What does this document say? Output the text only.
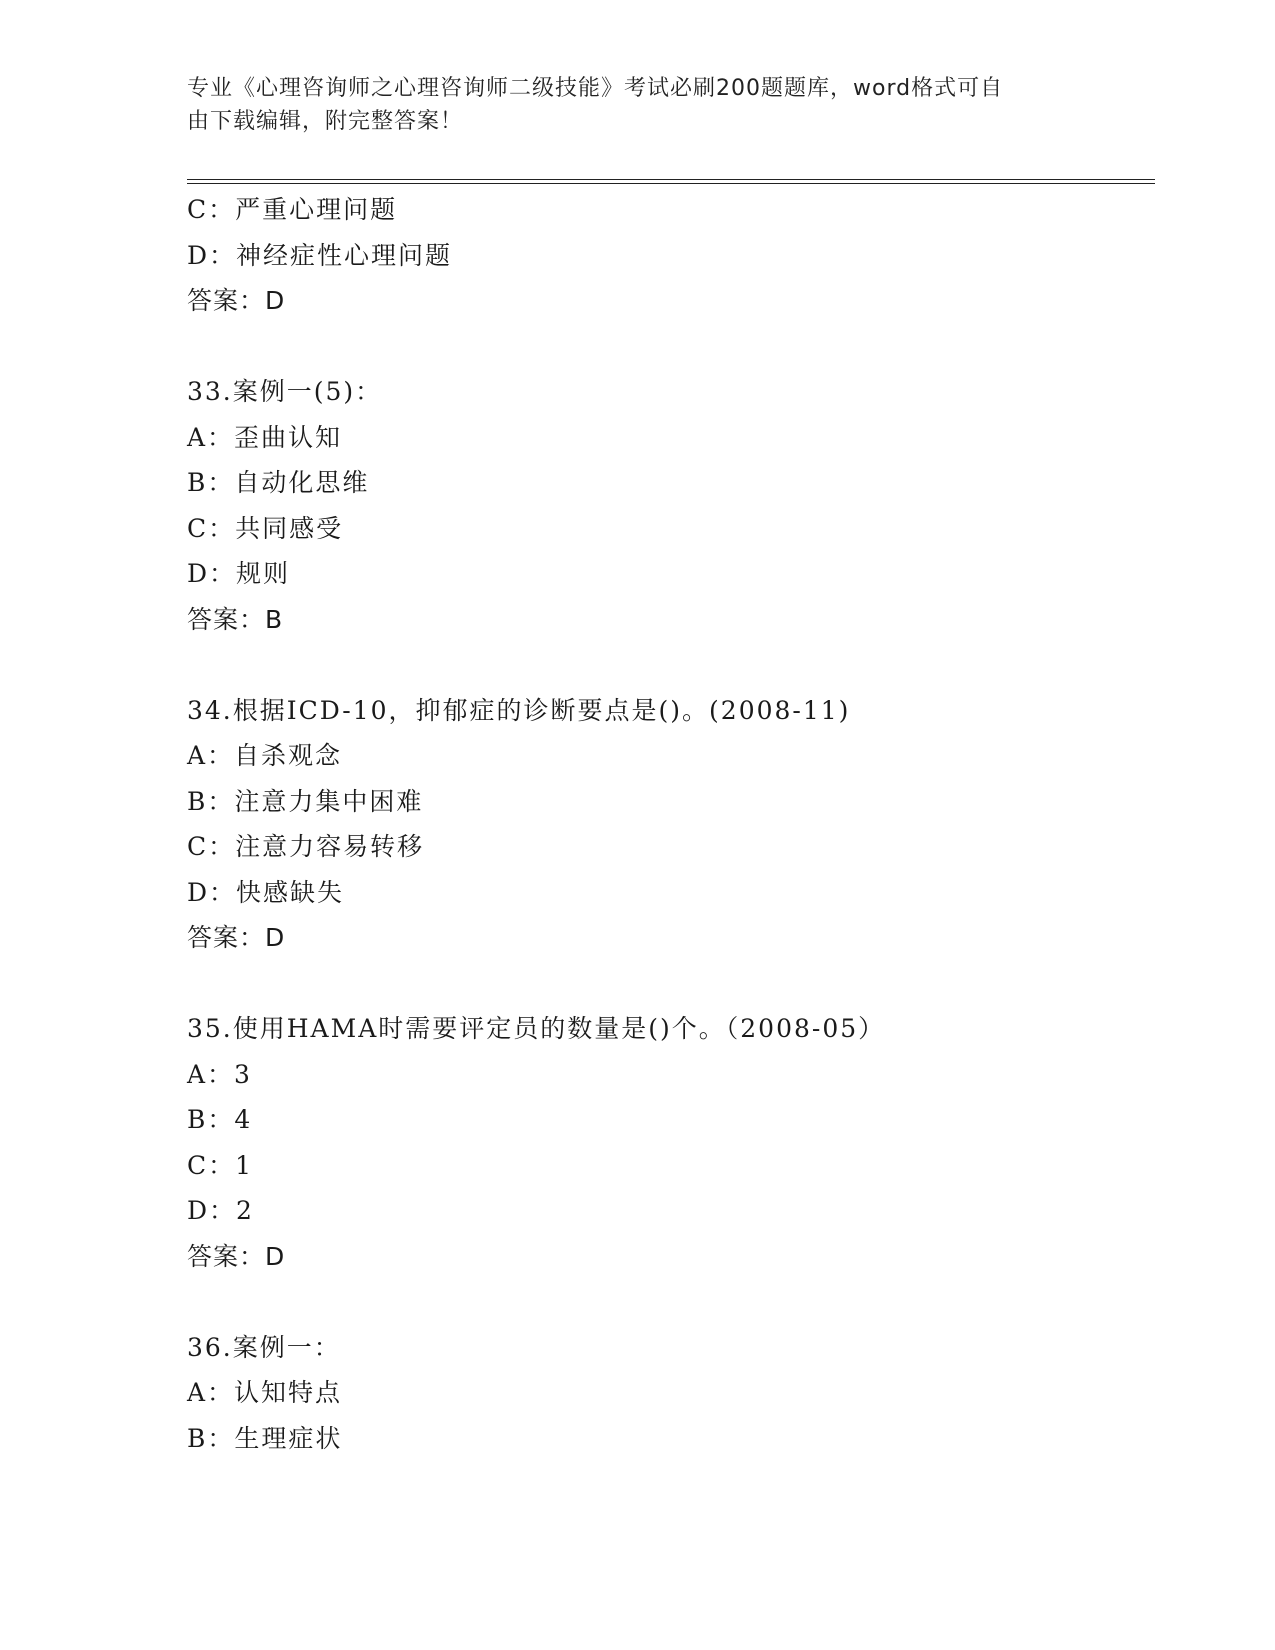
专业《心理咨询师之心理咨询师二级技能》考试必刷200题题库，word格式可自
由下载编辑，附完整答案！
C：严重心理问题
D：神经症性心理问题
答案：D
33.案例一(5)：
A：歪曲认知
B：自动化思维
C：共同感受
D：规则
答案：B
34.根据ICD-10，抑郁症的诊断要点是()。(2008-11)
A：自杀观念
B：注意力集中困难
C：注意力容易转移
D：快感缺失
答案：D
35.使用HAMA时需要评定员的数量是()个。（2008-05）
A：3
B：4
C：1
D：2
答案：D
36.案例一：
A：认知特点
B：生理症状
